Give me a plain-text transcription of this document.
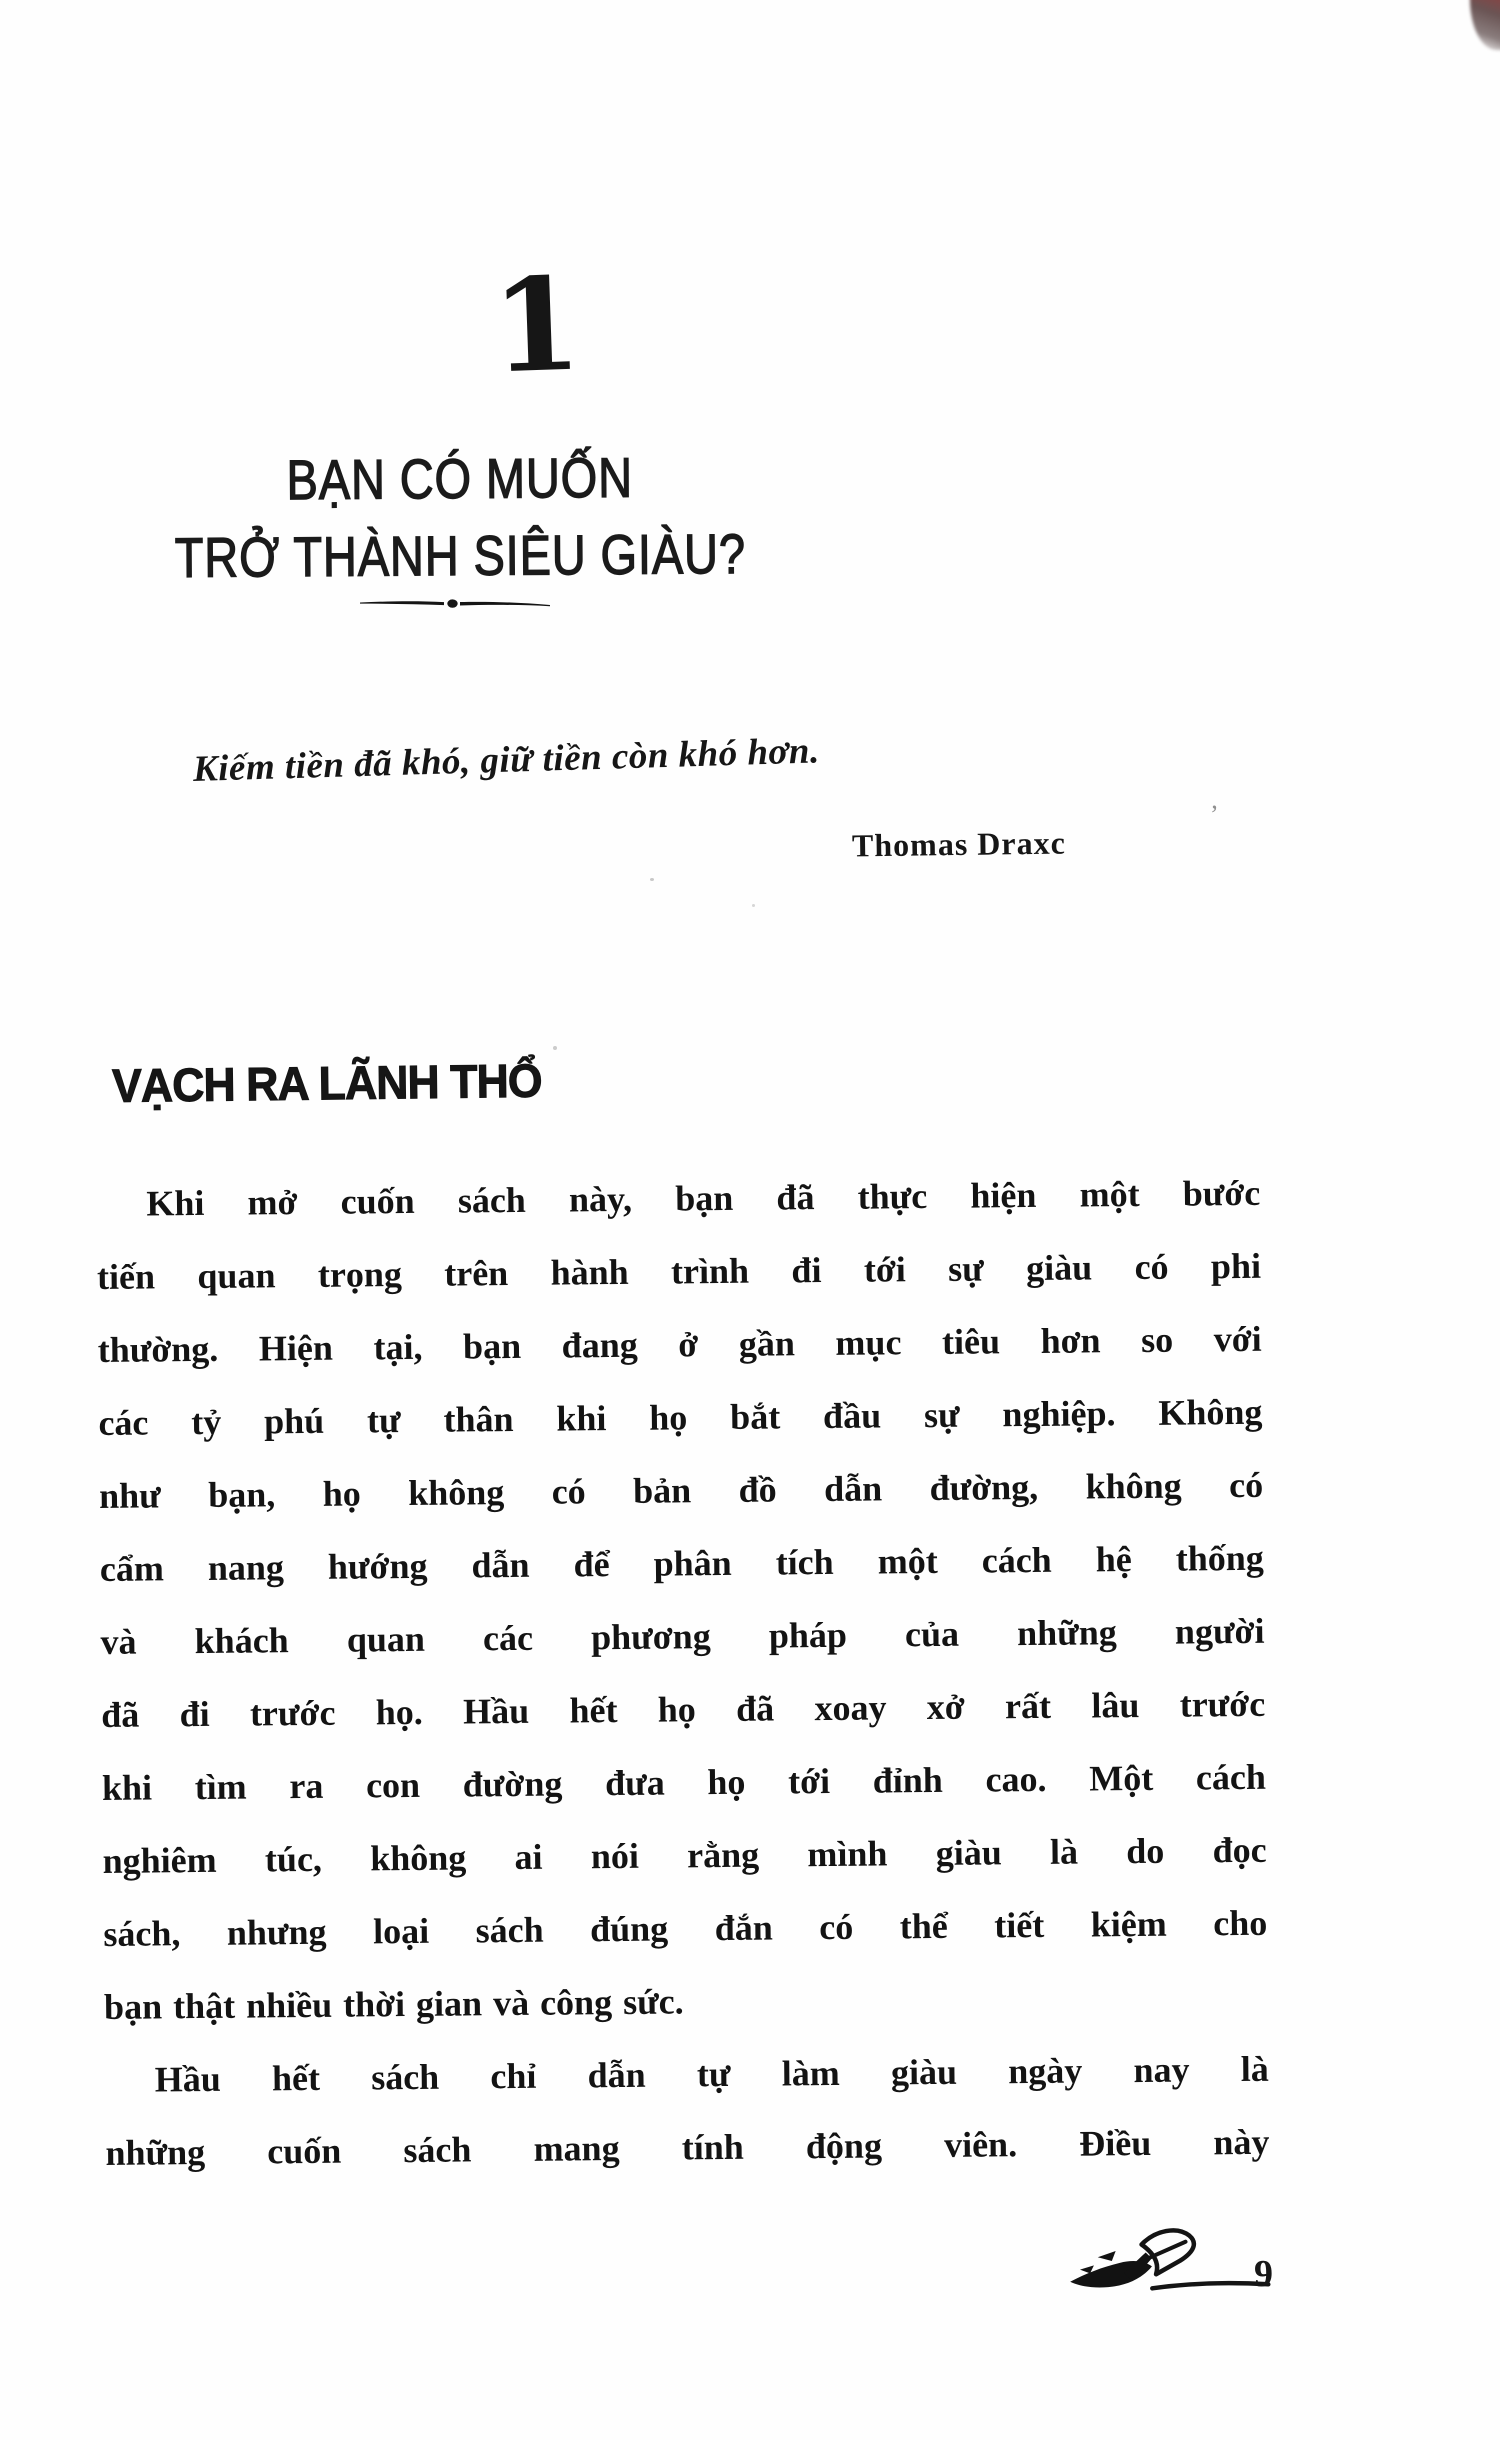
1
BẠN CÓ MUỐN
TRỞ THÀNH SIÊU GIÀU?
Kiếm tiền đã khó, giữ tiền còn khó hơn.
Thomas Draxc
’
VẠCH RA LÃNH THỔ
Khi mở cuốn sách này, bạn đã thực hiện một bước
tiến quan trọng trên hành trình đi tới sự giàu có phi
thường. Hiện tại, bạn đang ở gần mục tiêu hơn so với
các tỷ phú tự thân khi họ bắt đầu sự nghiệp. Không
như bạn, họ không có bản đồ dẫn đường, không có
cẩm nang hướng dẫn để phân tích một cách hệ thống
và khách quan các phương pháp của những người
đã đi trước họ. Hầu hết họ đã xoay xở rất lâu trước
khi tìm ra con đường đưa họ tới đỉnh cao. Một cách
nghiêm túc, không ai nói rằng mình giàu là do đọc
sách, nhưng loại sách đúng đắn có thể tiết kiệm cho
bạn thật nhiều thời gian và công sức.
Hầu hết sách chỉ dẫn tự làm giàu ngày nay là
những cuốn sách mang tính động viên. Điều này
9
